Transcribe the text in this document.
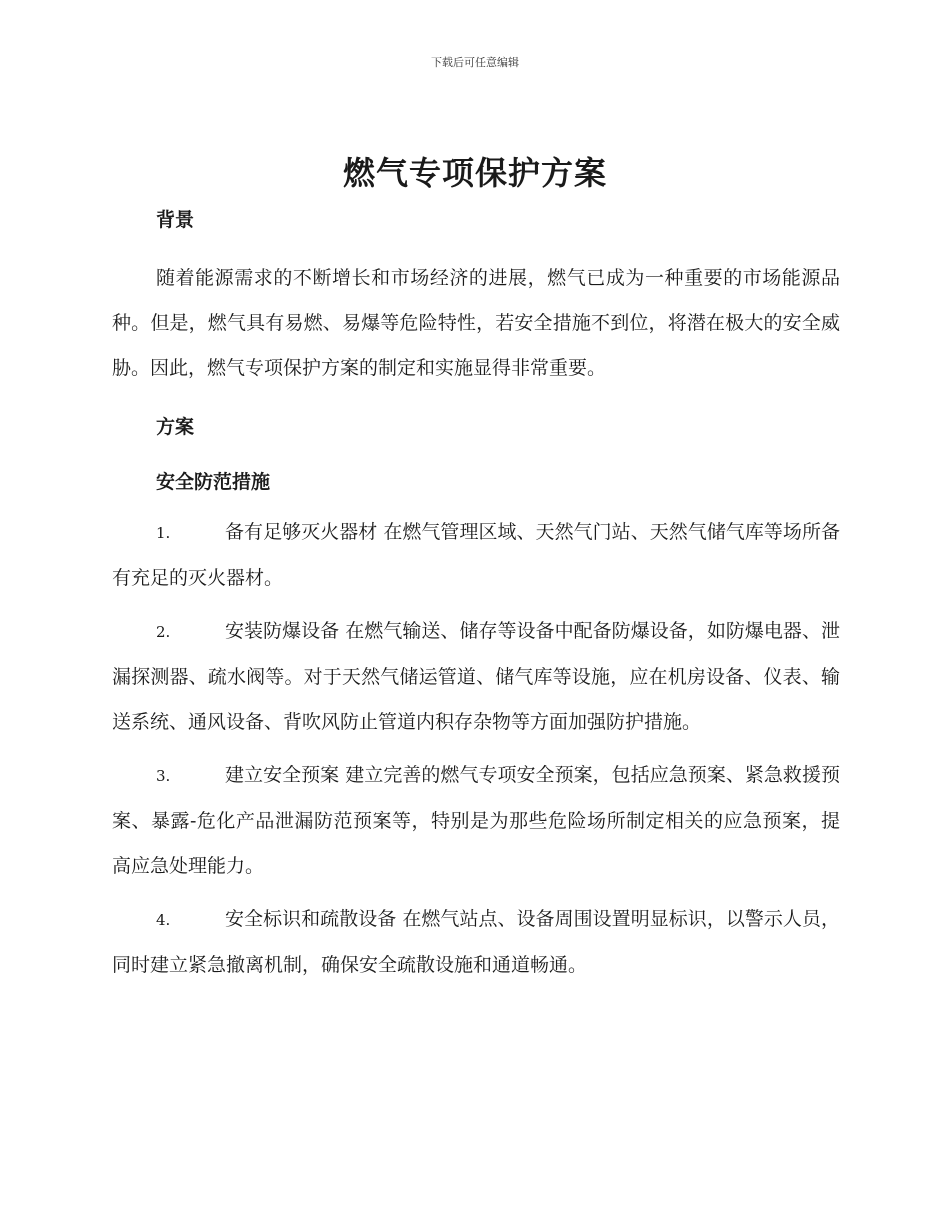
下载后可任意编辑
燃气专项保护方案
背景

随着能源需求的不断增长和市场经济的进展，燃气已成为一种重要的市场能源品种。但是，燃气具有易燃、易爆等危险特性，若安全措施不到位，将潜在极大的安全威胁。因此，燃气专项保护方案的制定和实施显得非常重要。

方案
安全防范措施

1.	备有足够灭火器材 在燃气管理区域、天然气门站、天然气储气库等场所备有充足的灭火器材。

2.	安装防爆设备 在燃气输送、储存等设备中配备防爆设备，如防爆电器、泄漏探测器、疏水阀等。对于天然气储运管道、储气库等设施，应在机房设备、仪表、输送系统、通风设备、背吹风防止管道内积存杂物等方面加强防护措施。

3.	建立安全预案 建立完善的燃气专项安全预案，包括应急预案、紧急救援预案、暴露-危化产品泄漏防范预案等，特别是为那些危险场所制定相关的应急预案，提高应急处理能力。

4.	安全标识和疏散设备 在燃气站点、设备周围设置明显标识，以警示人员，同时建立紧急撤离机制，确保安全疏散设施和通道畅通。
